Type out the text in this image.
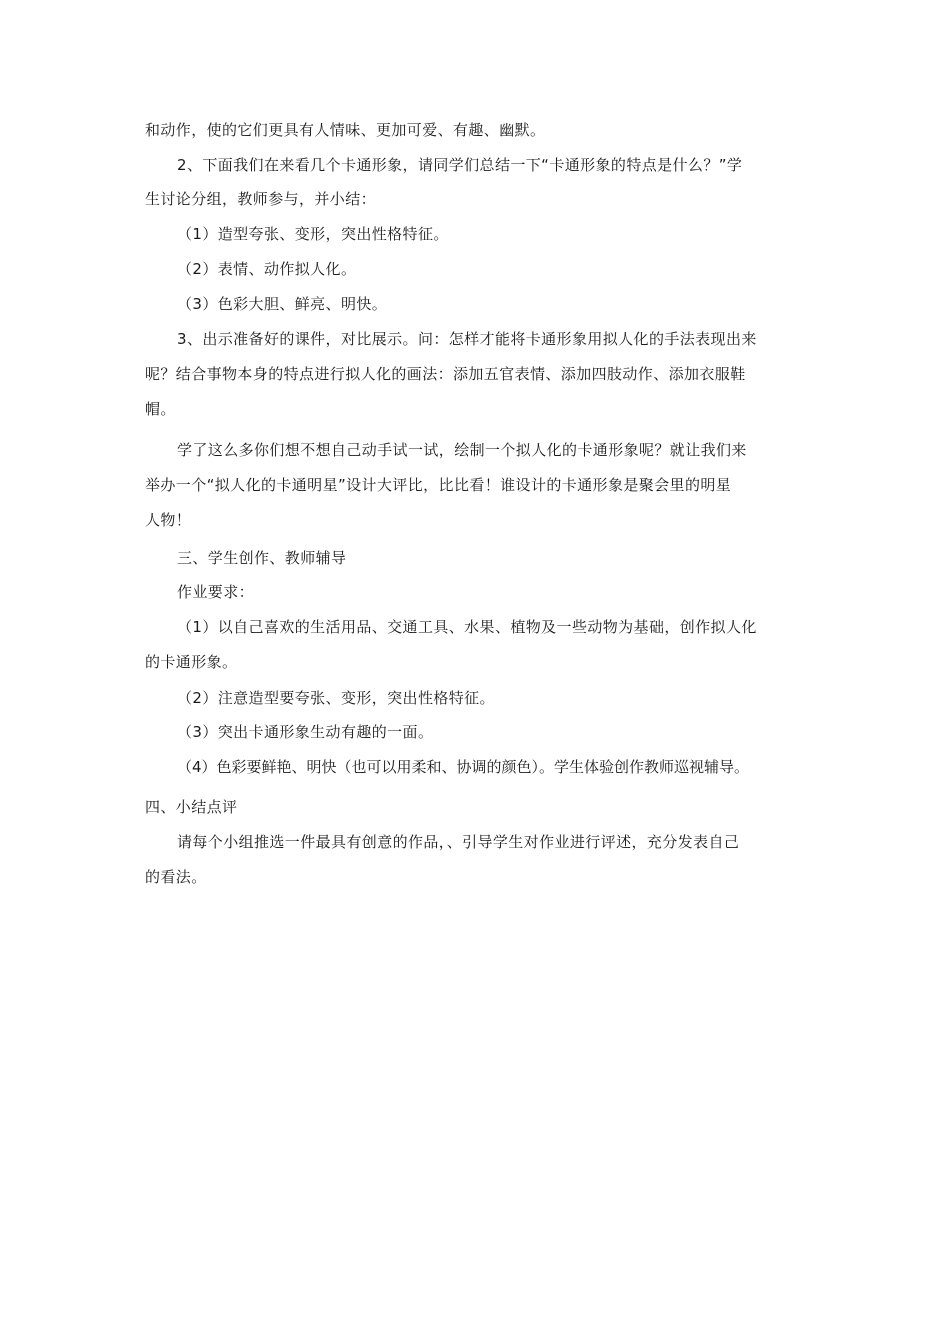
和动作，使的它们更具有人情味、更加可爱、有趣、幽默。
2、下面我们在来看几个卡通形象，请同学们总结一下“卡通形象的特点是什么？”学
生讨论分组，教师参与，并小结：
（1）造型夸张、变形，突出性格特征。
（2）表情、动作拟人化。
（3）色彩大胆、鲜亮、明快。
3、出示准备好的课件，对比展示。问：怎样才能将卡通形象用拟人化的手法表现出来
呢？结合事物本身的特点进行拟人化的画法：添加五官表情、添加四肢动作、添加衣服鞋
帽。
学了这么多你们想不想自己动手试一试，绘制一个拟人化的卡通形象呢？就让我们来
举办一个“拟人化的卡通明星”设计大评比，比比看！谁设计的卡通形象是聚会里的明星
人物！
三、学生创作、教师辅导
作业要求：
（1）以自己喜欢的生活用品、交通工具、水果、植物及一些动物为基础，创作拟人化
的卡通形象。
（2）注意造型要夸张、变形，突出性格特征。
（3）突出卡通形象生动有趣的一面。
（4）色彩要鲜艳、明快（也可以用柔和、协调的颜色）。学生体验创作教师巡视辅导。
四、小结点评
请每个小组推选一件最具有创意的作品，、引导学生对作业进行评述，充分发表自己
的看法。
